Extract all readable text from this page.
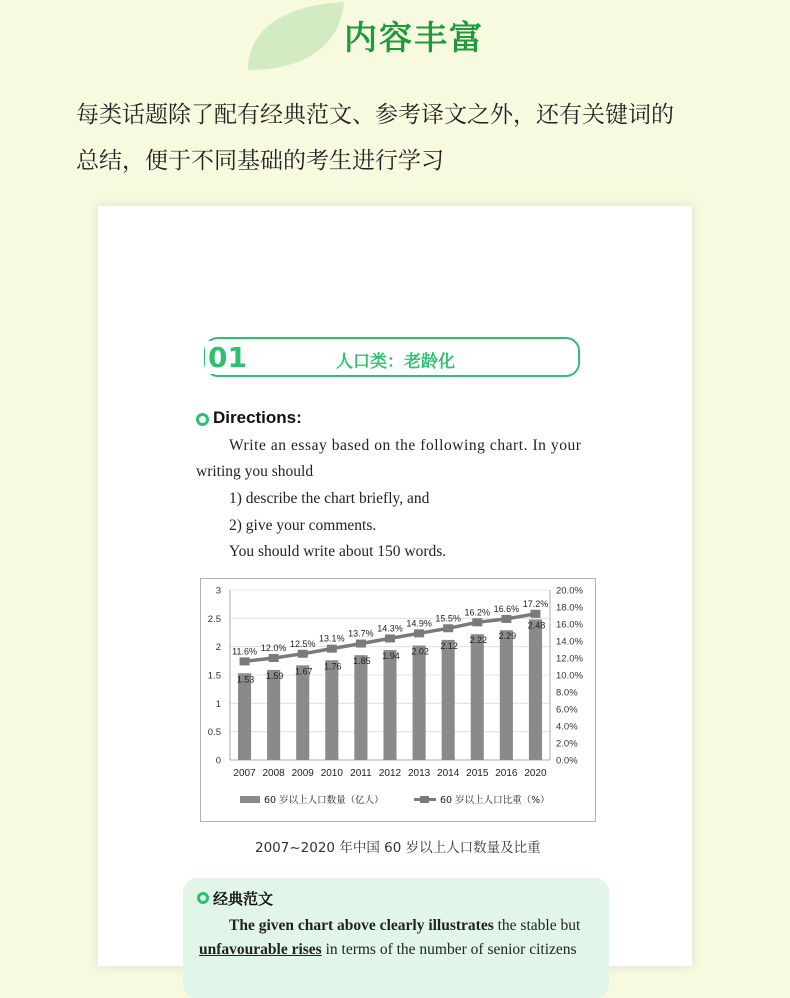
内容丰富
每类话题除了配有经典范文、参考译文之外，还有关键词的
总结，便于不同基础的考生进行学习
01	人口类：老龄化
Directions:
Write an essay based on the following chart. In your
writing you should
1) describe the chart briefly, and
2) give your comments.
You should write about 150 words.
0
0.5
1
1.5
2
2.5
3
0.0%
2.0%
4.0%
6.0%
8.0%
10.0%
12.0%
14.0%
16.0%
18.0%
20.0%
2007
1.53
2008
1.59
2009
1.67
2010
1.76
2011
1.85
2012
1.94
2013
2.02
2014
2.12
2015
2.22
2016
2.29
2020
2.48
11.6% 12.0% 12.5%
13.1%
13.7%
14.3%
14.9%
15.5%
16.2% 16.6%
17.2%
60 岁以上人口数量（亿人）	60 岁以上人口比重（%）
2007~2020 年中国 60 岁以上人口数量及比重
经典范文
The given chart above clearly illustrates the stable but
unfavourable rises in terms of the number of senior citizens
